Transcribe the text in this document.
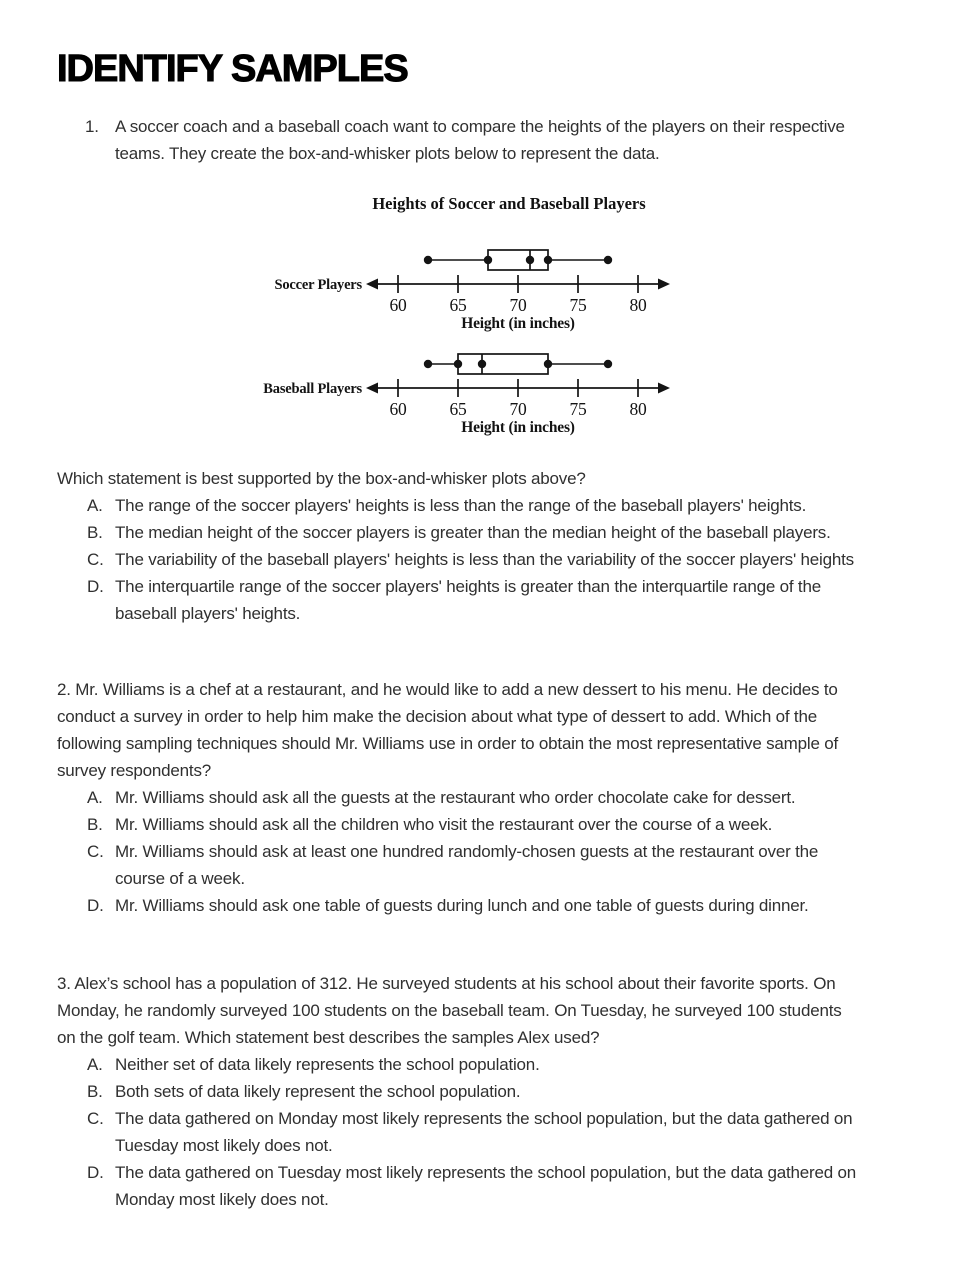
IDENTIFY SAMPLES
1. A soccer coach and a baseball coach want to compare the heights of the players on their respective teams. They create the box-and-whisker plots below to represent the data.

Heights of Soccer and Baseball Players
60 65 70 75 80
Soccer Players
Height (in inches)
60 65 70 75 80
Baseball Players
Height (in inches)

Which statement is best supported by the box-and-whisker plots above?

A. The range of the soccer players' heights is less than the range of the baseball players' heights.
B. The median height of the soccer players is greater than the median height of the baseball players.
C. The variability of the baseball players' heights is less than the variability of the soccer players' heights
D. The interquartile range of the soccer players' heights is greater than the interquartile range of the baseball players' heights.

2. Mr. Williams is a chef at a restaurant, and he would like to add a new dessert to his menu. He decides to conduct a survey in order to help him make the decision about what type of dessert to add. Which of the following sampling techniques should Mr. Williams use in order to obtain the most representative sample of survey respondents?

A. Mr. Williams should ask all the guests at the restaurant who order chocolate cake for dessert.
B. Mr. Williams should ask all the children who visit the restaurant over the course of a week.
C. Mr. Williams should ask at least one hundred randomly-chosen guests at the restaurant over the course of a week.
D. Mr. Williams should ask one table of guests during lunch and one table of guests during dinner.

3. Alex’s school has a population of 312. He surveyed students at his school about their favorite sports. On Monday, he randomly surveyed 100 students on the baseball team. On Tuesday, he surveyed 100 students on the golf team. Which statement best describes the samples Alex used?

A. Neither set of data likely represents the school population.
B. Both sets of data likely represent the school population.
C. The data gathered on Monday most likely represents the school population, but the data gathered on Tuesday most likely does not.
D. The data gathered on Tuesday most likely represents the school population, but the data gathered on Monday most likely does not.
